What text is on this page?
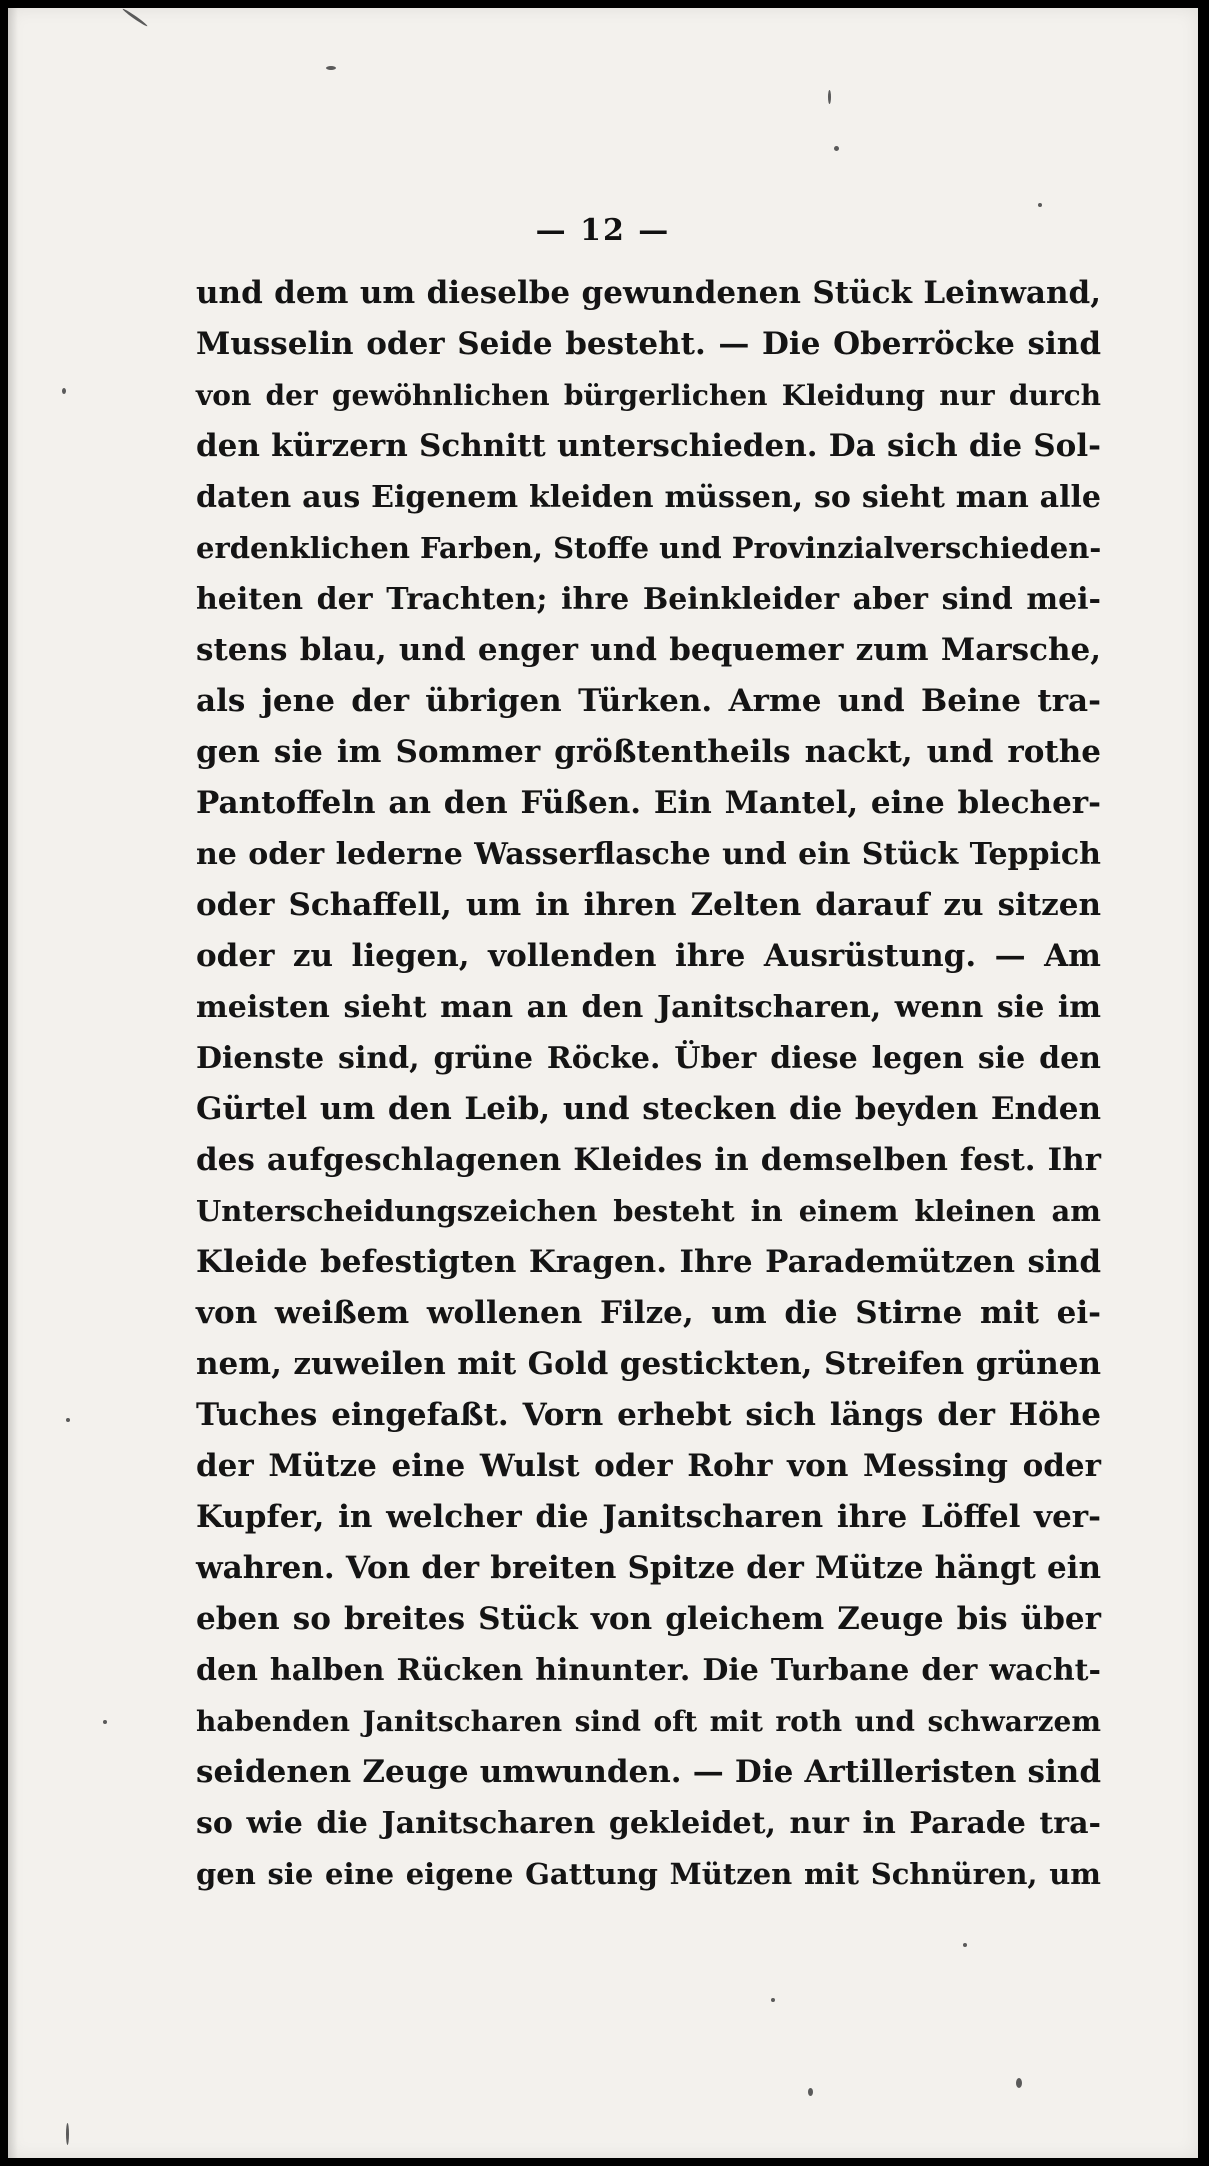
— 12 —
und dem um dieselbe gewundenen Stück Leinwand,
Musselin oder Seide besteht. — Die Oberröcke sind
von der gewöhnlichen bürgerlichen Kleidung nur durch
den kürzern Schnitt unterschieden. Da sich die Sol-
daten aus Eigenem kleiden müssen, so sieht man alle
erdenklichen Farben, Stoffe und Provinzialverschieden-
heiten der Trachten; ihre Beinkleider aber sind mei-
stens blau, und enger und bequemer zum Marsche,
als jene der übrigen Türken. Arme und Beine tra-
gen sie im Sommer größtentheils nackt, und rothe
Pantoffeln an den Füßen. Ein Mantel, eine blecher-
ne oder lederne Wasserflasche und ein Stück Teppich
oder Schaffell, um in ihren Zelten darauf zu sitzen
oder zu liegen, vollenden ihre Ausrüstung. — Am
meisten sieht man an den Janitscharen, wenn sie im
Dienste sind, grüne Röcke. Über diese legen sie den
Gürtel um den Leib, und stecken die beyden Enden
des aufgeschlagenen Kleides in demselben fest. Ihr
Unterscheidungszeichen besteht in einem kleinen am
Kleide befestigten Kragen. Ihre Parademützen sind
von weißem wollenen Filze, um die Stirne mit ei-
nem, zuweilen mit Gold gestickten, Streifen grünen
Tuches eingefaßt. Vorn erhebt sich längs der Höhe
der Mütze eine Wulst oder Rohr von Messing oder
Kupfer, in welcher die Janitscharen ihre Löffel ver-
wahren. Von der breiten Spitze der Mütze hängt ein
eben so breites Stück von gleichem Zeuge bis über
den halben Rücken hinunter. Die Turbane der wacht-
habenden Janitscharen sind oft mit roth und schwarzem
seidenen Zeuge umwunden. — Die Artilleristen sind
so wie die Janitscharen gekleidet, nur in Parade tra-
gen sie eine eigene Gattung Mützen mit Schnüren, um
